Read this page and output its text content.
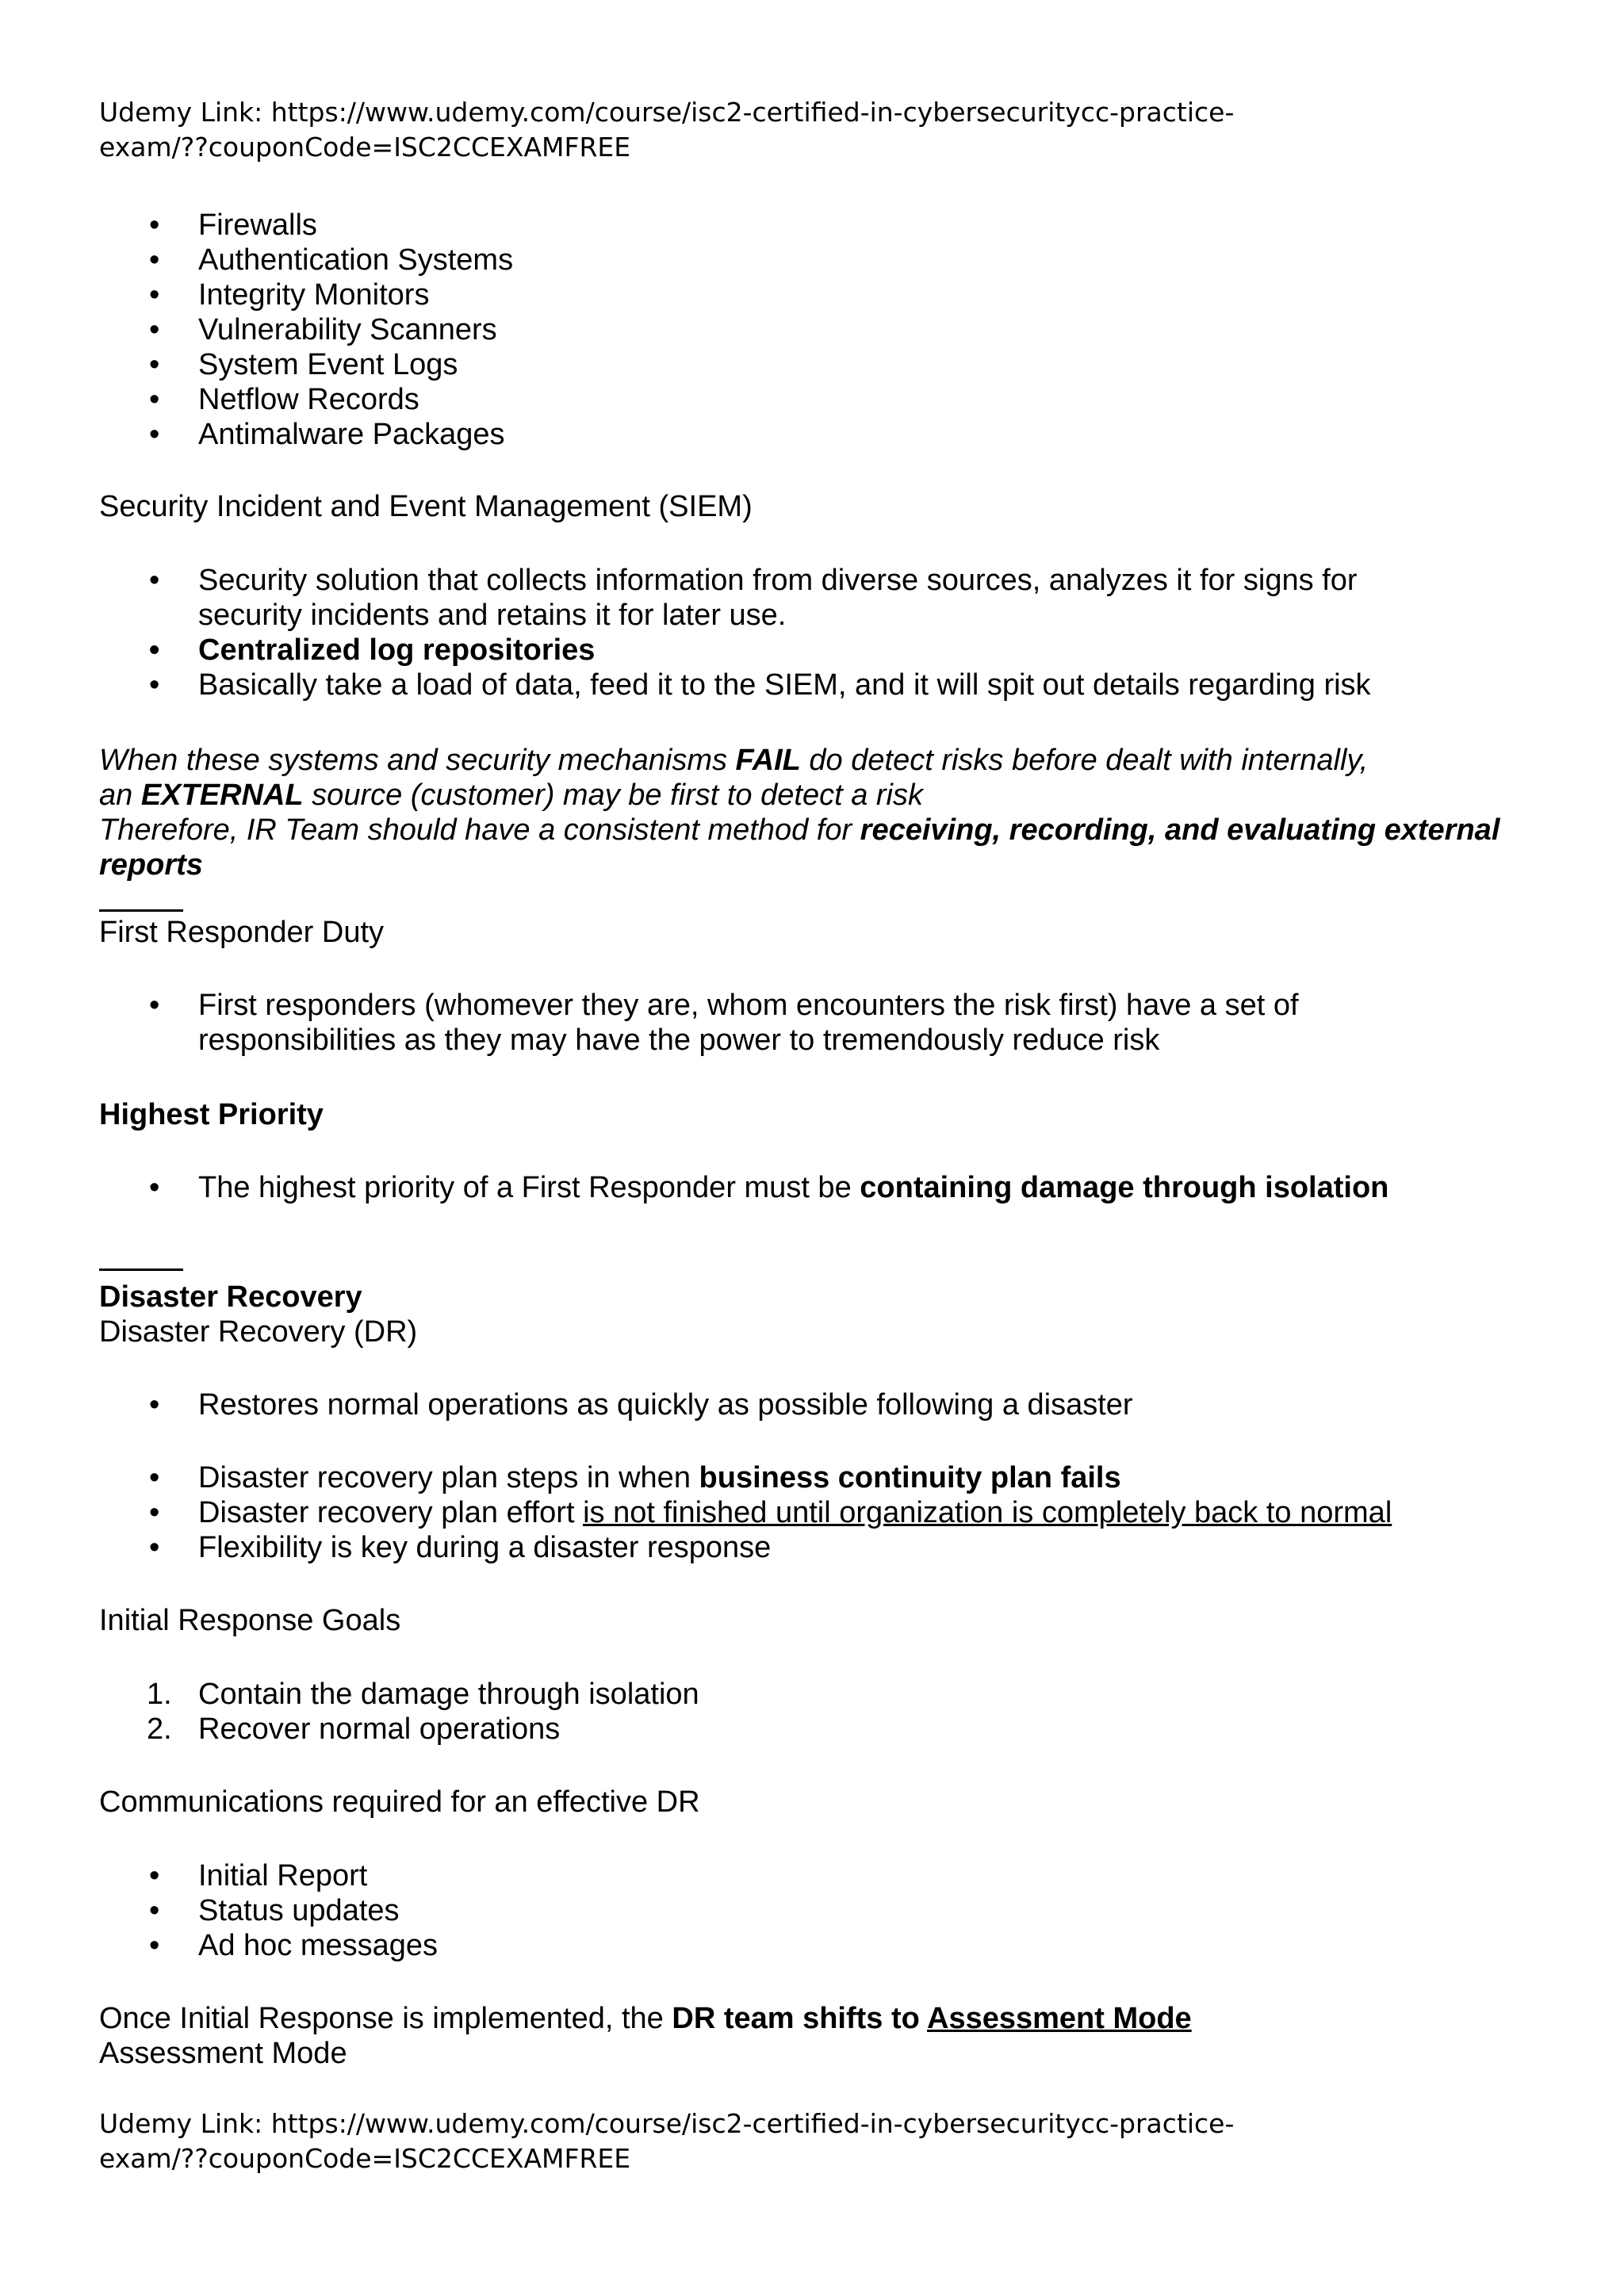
Udemy Link: https://www.udemy.com/course/isc2-certified-in-cybersecuritycc-practice-
exam/??couponCode=ISC2CCEXAMFREE
• Firewalls
• Authentication Systems
• Integrity Monitors
• Vulnerability Scanners
• System Event Logs
• Netflow Records
• Antimalware Packages

Security Incident and Event Management (SIEM)

• Security solution that collects information from diverse sources, analyzes it for signs for
security incidents and retains it for later use.
• Centralized log repositories
• Basically take a load of data, feed it to the SIEM, and it will spit out details regarding risk

When these systems and security mechanisms FAIL do detect risks before dealt with internally,

an EXTERNAL source (customer) may be first to detect a risk

Therefore, IR Team should have a consistent method for receiving, recording, and evaluating external

reports

First Responder Duty

• First responders (whomever they are, whom encounters the risk first) have a set of
responsibilities as they may have the power to tremendously reduce risk

Highest Priority

• The highest priority of a First Responder must be containing damage through isolation

Disaster Recovery

Disaster Recovery (DR)

• Restores normal operations as quickly as possible following a disaster
• Disaster recovery plan steps in when business continuity plan fails
• Disaster recovery plan effort is not finished until organization is completely back to normal
• Flexibility is key during a disaster response

Initial Response Goals

1. Contain the damage through isolation
2. Recover normal operations

Communications required for an effective DR

• Initial Report
• Status updates
• Ad hoc messages

Once Initial Response is implemented, the DR team shifts to Assessment Mode

Assessment Mode

Udemy Link: https://www.udemy.com/course/isc2-certified-in-cybersecuritycc-practice-
exam/??couponCode=ISC2CCEXAMFREE
